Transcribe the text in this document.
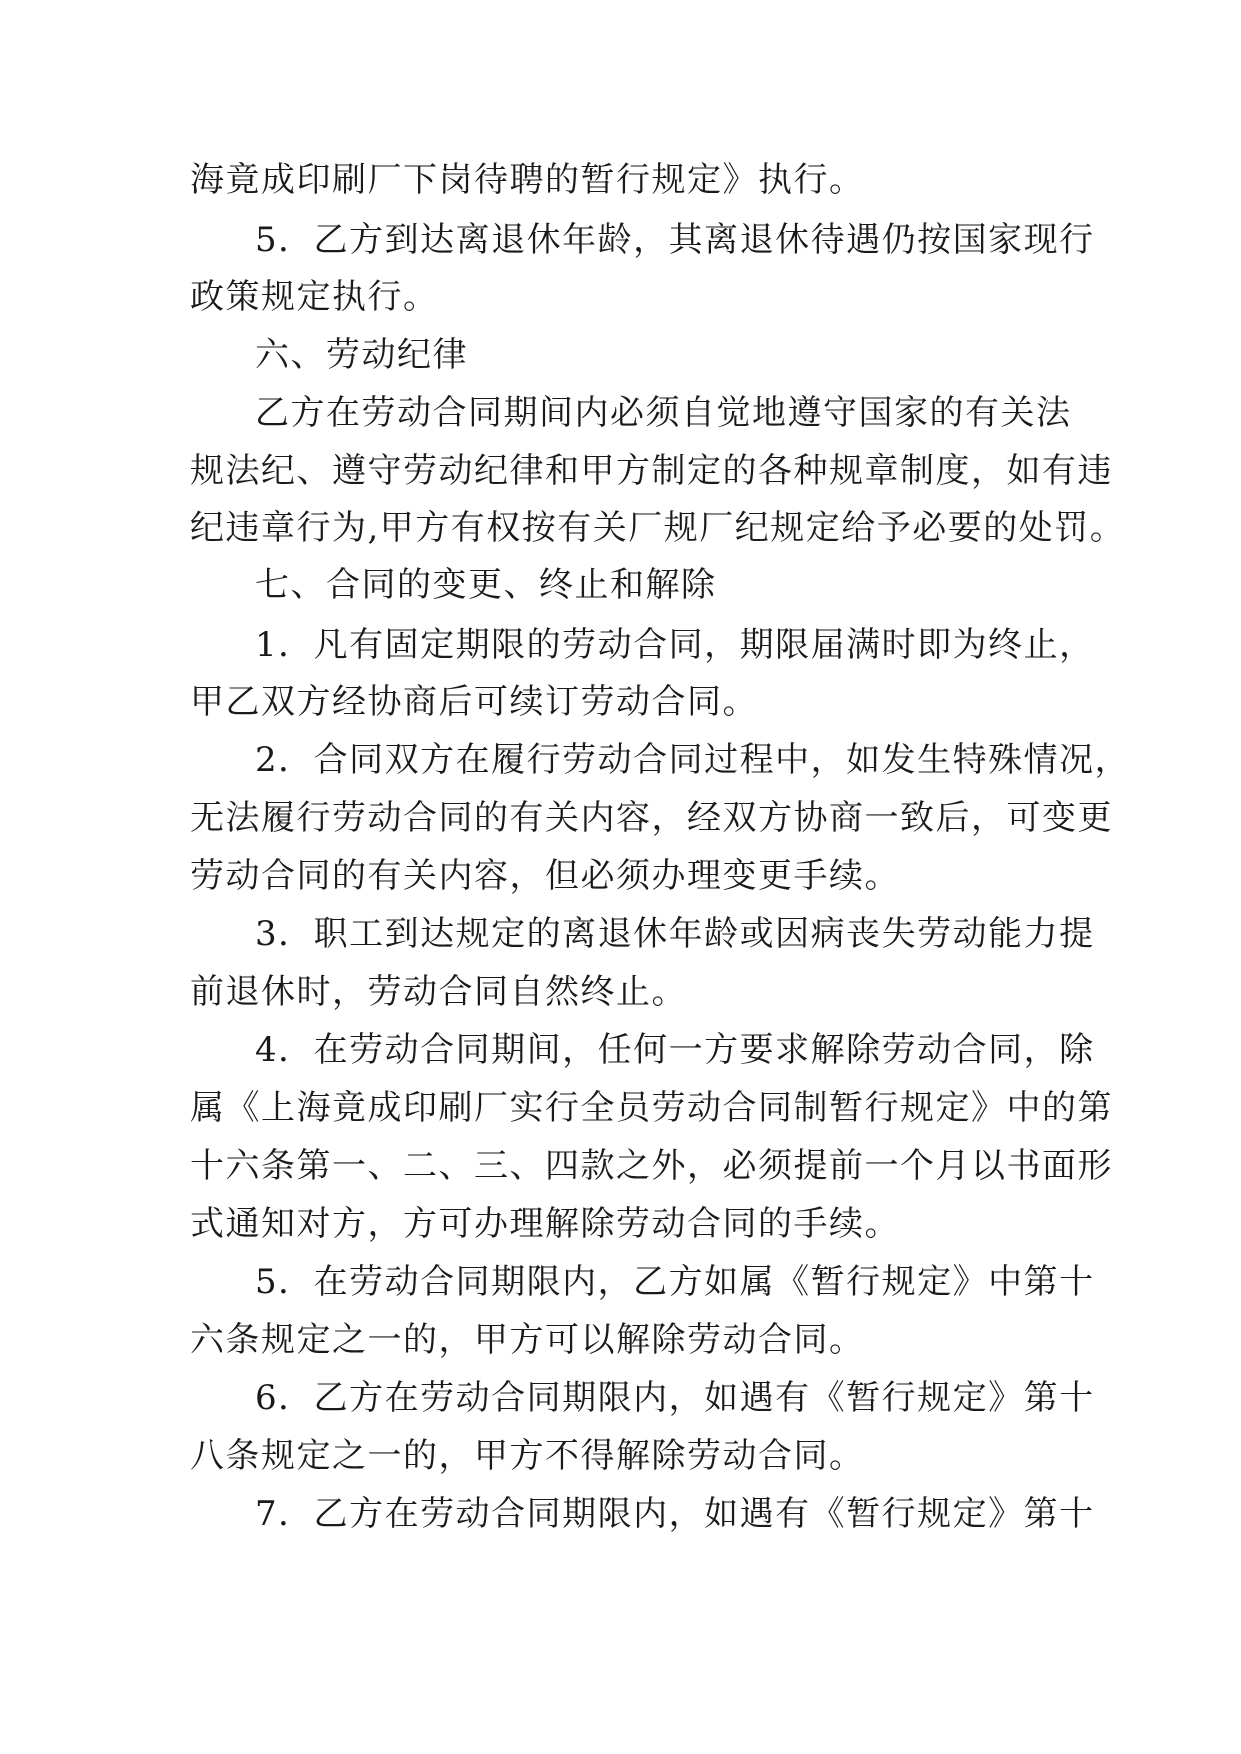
海竟成印刷厂下岗待聘的暂行规定》执行。
5．乙方到达离退休年龄，其离退休待遇仍按国家现行
政策规定执行。
六、劳动纪律
乙方在劳动合同期间内必须自觉地遵守国家的有关法
规法纪、遵守劳动纪律和甲方制定的各种规章制度，如有违
纪违章行为,甲方有权按有关厂规厂纪规定给予必要的处罚。
七、合同的变更、终止和解除
1．凡有固定期限的劳动合同，期限届满时即为终止，
甲乙双方经协商后可续订劳动合同。
2．合同双方在履行劳动合同过程中，如发生特殊情况，
无法履行劳动合同的有关内容，经双方协商一致后，可变更
劳动合同的有关内容，但必须办理变更手续。
3．职工到达规定的离退休年龄或因病丧失劳动能力提
前退休时，劳动合同自然终止。
4．在劳动合同期间，任何一方要求解除劳动合同，除
属《上海竟成印刷厂实行全员劳动合同制暂行规定》中的第
十六条第一、二、三、四款之外，必须提前一个月以书面形
式通知对方，方可办理解除劳动合同的手续。
5．在劳动合同期限内，乙方如属《暂行规定》中第十
六条规定之一的，甲方可以解除劳动合同。
6．乙方在劳动合同期限内，如遇有《暂行规定》第十
八条规定之一的，甲方不得解除劳动合同。
7．乙方在劳动合同期限内，如遇有《暂行规定》第十
